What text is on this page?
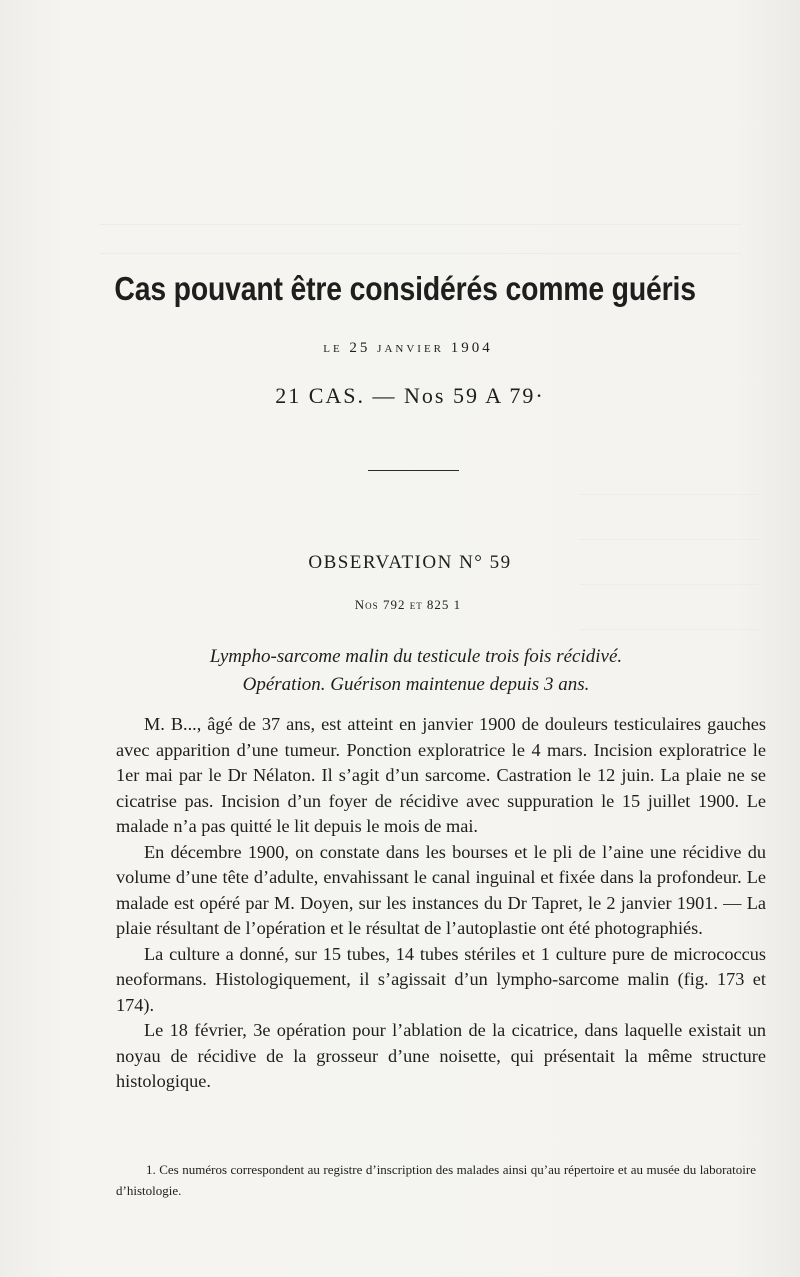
Cas pouvant être considérés comme guéris
le 25 janvier 1904
21 CAS. — Nos 59 A 79·
OBSERVATION N° 59
Nos 792 et 825 1
Lympho-sarcome malin du testicule trois fois récidivé.
Opération. Guérison maintenue depuis 3 ans.

M. B..., âgé de 37 ans, est atteint en janvier 1900 de douleurs testiculaires gauches avec apparition d’une tumeur. Ponction exploratrice le 4 mars. Incision exploratrice le 1er mai par le Dr Nélaton. Il s’agit d’un sarcome. Castration le 12 juin. La plaie ne se cicatrise pas. Incision d’un foyer de récidive avec suppuration le 15 juillet 1900. Le malade n’a pas quitté le lit depuis le mois de mai.

En décembre 1900, on constate dans les bourses et le pli de l’aine une récidive du volume d’une tête d’adulte, envahissant le canal inguinal et fixée dans la profondeur. Le malade est opéré par M. Doyen, sur les instances du Dr Tapret, le 2 janvier 1901. — La plaie résultant de l’opération et le résultat de l’autoplastie ont été photographiés.

La culture a donné, sur 15 tubes, 14 tubes stériles et 1 culture pure de micrococcus neoformans. Histologiquement, il s’agissait d’un lympho-sarcome malin (fig. 173 et 174).

Le 18 février, 3e opération pour l’ablation de la cicatrice, dans laquelle existait un noyau de récidive de la grosseur d’une noisette, qui présentait la même structure histologique.

1. Ces numéros correspondent au registre d’inscription des malades ainsi qu’au répertoire et au musée du laboratoire d’histologie.
